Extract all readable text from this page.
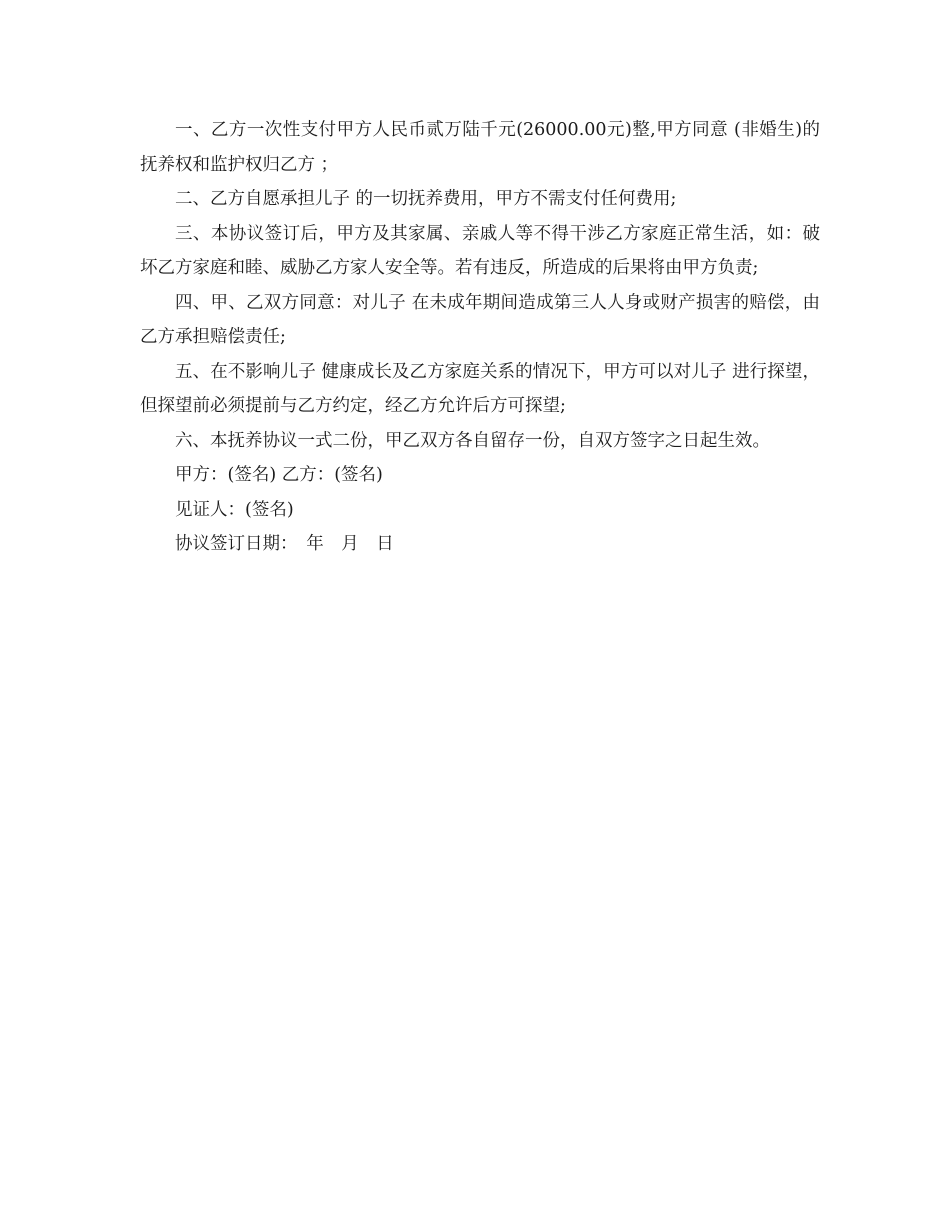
一、乙方一次性支付甲方人民币贰万陆千元(26000.00元)整,甲方同意 (非婚生)的抚养权和监护权归乙方 ；

二、乙方自愿承担儿子 的一切抚养费用，甲方不需支付任何费用;

三、本协议签订后，甲方及其家属、亲戚人等不得干涉乙方家庭正常生活，如：破坏乙方家庭和睦、威胁乙方家人安全等。若有违反，所造成的后果将由甲方负责;

四、甲、乙双方同意：对儿子 在未成年期间造成第三人人身或财产损害的赔偿，由乙方承担赔偿责任;

五、在不影响儿子 健康成长及乙方家庭关系的情况下，甲方可以对儿子 进行探望，但探望前必须提前与乙方约定，经乙方允许后方可探望;

六、本抚养协议一式二份，甲乙双方各自留存一份，自双方签字之日起生效。

甲方：(签名) 乙方：(签名)

见证人：(签名)

协议签订日期：　年　月　日
